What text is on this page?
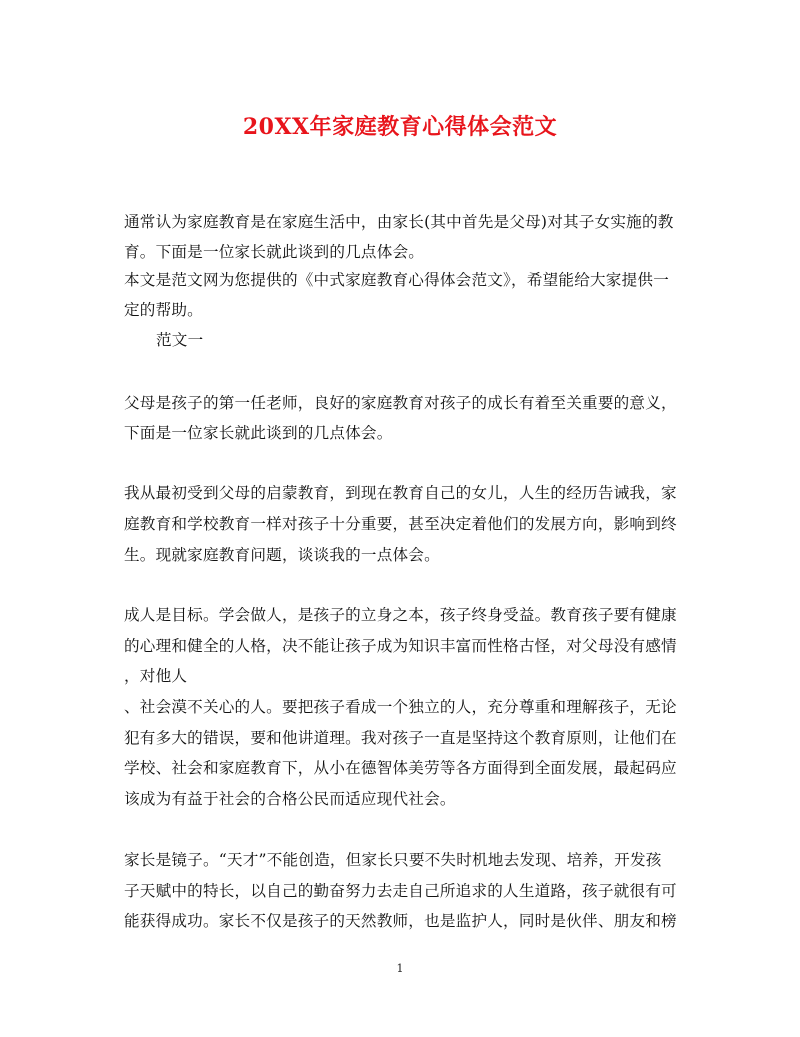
20XX年家庭教育心得体会范文

通常认为家庭教育是在家庭生活中，由家长(其中首先是父母)对其子女实施的教

育。下面是一位家长就此谈到的几点体会。

本文是范文网为您提供的《中式家庭教育心得体会范文》，希望能给大家提供一

定的帮助。

范文一

父母是孩子的第一任老师，良好的家庭教育对孩子的成长有着至关重要的意义，

下面是一位家长就此谈到的几点体会。

我从最初受到父母的启蒙教育，到现在教育自己的女儿，人生的经历告诫我，家

庭教育和学校教育一样对孩子十分重要，甚至决定着他们的发展方向，影响到终

生。现就家庭教育问题，谈谈我的一点体会。

成人是目标。学会做人，是孩子的立身之本，孩子终身受益。教育孩子要有健康

的心理和健全的人格，决不能让孩子成为知识丰富而性格古怪，对父母没有感情

，对他人

、社会漠不关心的人。要把孩子看成一个独立的人，充分尊重和理解孩子，无论

犯有多大的错误，要和他讲道理。我对孩子一直是坚持这个教育原则，让他们在

学校、社会和家庭教育下，从小在德智体美劳等各方面得到全面发展，最起码应

该成为有益于社会的合格公民而适应现代社会。

家长是镜子。“天才”不能创造，但家长只要不失时机地去发现、培养，开发孩

子天赋中的特长，以自己的勤奋努力去走自己所追求的人生道路，孩子就很有可

能获得成功。家长不仅是孩子的天然教师，也是监护人，同时是伙伴、朋友和榜

1
